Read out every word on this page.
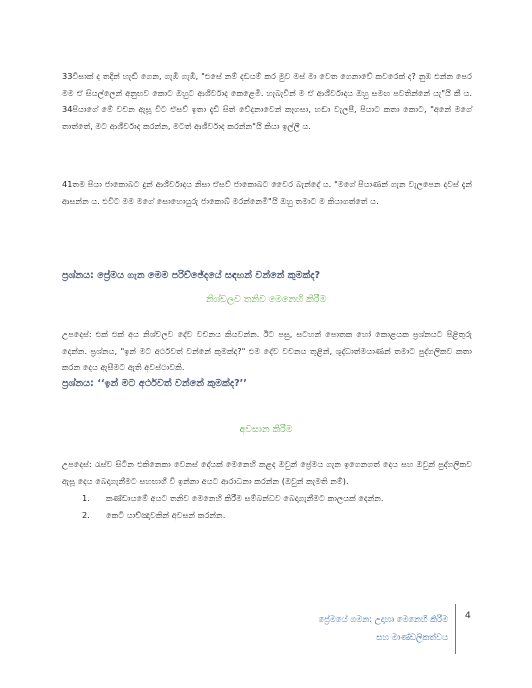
33විසාක් ද තදින් හැඬී ගෙන, ගැඹී ගැඹී, "එසේ නම් දඩයම් කර මුව මස් මා වෙත ගෙනාවේ කවරෙක් ද? නුඹ එන්න පෙර මම ඒ සියල්ලෙන් අනුභව කොට ඔහුට ආශීර්වාද කෙළෙමි. හැබැවින් ම ඒ ආශීර්වාදය ඔහු සමඟ පවතින්නේ යැ"යි කී ය. 34පියාගේ මේ වචන ඇසූ විට ඒසව් ඉතා දැඩි සිත් වේදනාවෙන් කෑගසා, හඬා වැලපී, පියාට කතා කොට, "අනේ මගේ තාත්තේ, මට ආශීර්වාද කරන්න, මටත් ආශීර්වාද කරන්න"යි කියා ඉල්ලී ය.
41තම පියා ජාකොබට දුන් ආශීර්වාදය නිසා ඒසව් ජාකොබට වෛර බැන්දේ ය. "මගේ පියාණන් ගැන වැලපෙන දවස් දැන් ආසන්න ය. එවිට මම මගේ සොහොයුරු ජාකොබ් මරන්නෙමි"යි ඔහු තමාට ම කියාගත්තේ ය.
ප්‍රශ්නය: ප්‍රේමය ගැන මෙම පරිච්ඡේදයේ සඳහන් වන්නේ කුමක්ද?
නිශ්චලව තනිව මෙනෙහි කිරීම
උපදෙස්: එක් එක් අය නිශ්චලව දේව වචනය කියවන්න. ඊට පසු, සටහන් පොතක හෝ කොළයක ප්‍රශ්නයට පිළිතුරු දෙන්න. ප්‍රශ්නය, "ඉන් මට අර්ථවත් වන්නේ කුමක්ද?" එම දේව වචනය තුළින්, ශුද්ධාත්මයාණන් තමාට පුද්ගලිකව කතා කරන දෙය ඇසීමට ඇති අවස්ථාවකි.
ප්‍රශ්නය: ‘‘ඉන් මට අර්ථවත් වන්නේ කුමක්ද?’’
අවසාන කිරීම
උපදෙස්: රැස්ව සිටින එකිනෙකා වෙනස් දේයක් මෙනෙහි කළද ඔවුන් ප්‍රේමය ගැන ඉගෙනගත් දෙය සහ ඔවුන් පුද්ගලිකව ඇසූ දෙය බෙදාගැනීමට සහභාගී වී ඉන්නා අයට ආරාධනා කරන්න (ඔවුන් කැමති නම්).
1.	කණ්ඩායමේ අයට තනිව මෙනෙහි කිරීම සම්බන්ධව බෙදාගැනීමට කාලයක් දෙන්න.
2.	කෙටි යාච්ඤාවකින් අවසන් කරන්න.
ප්‍රේමයේ ගමන: උදාහෘ මෙනෙහි කිරීම
සහ මාණ්ඩලිකත්වය
4
